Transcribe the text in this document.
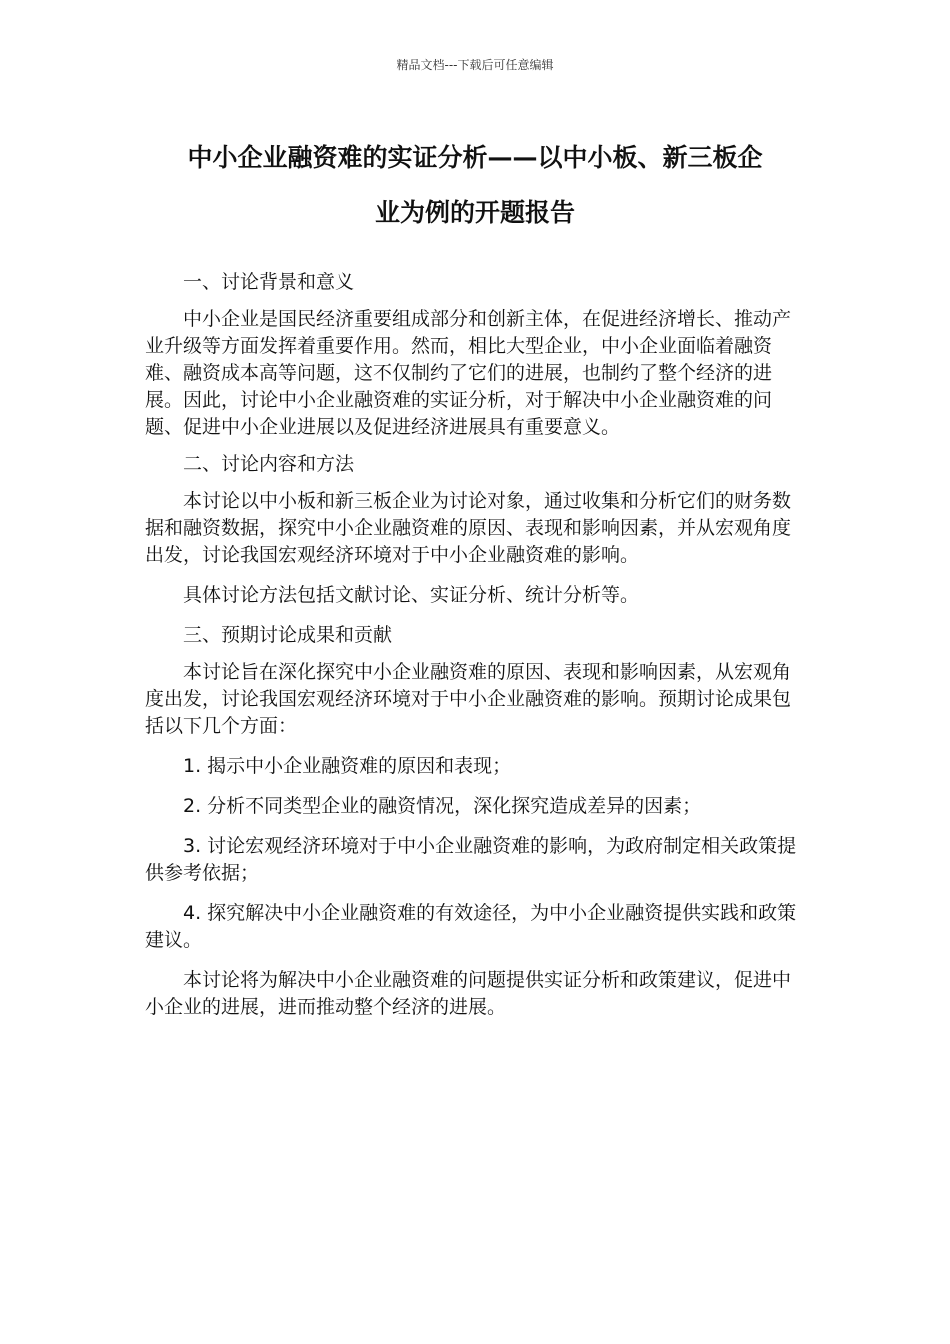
精品文档---下载后可任意编辑
中小企业融资难的实证分析——以中小板、新三板企
业为例的开题报告

一、讨论背景和意义

中小企业是国民经济重要组成部分和创新主体，在促进经济增长、推动产业升级等方面发挥着重要作用。然而，相比大型企业，中小企业面临着融资难、融资成本高等问题，这不仅制约了它们的进展，也制约了整个经济的进展。因此，讨论中小企业融资难的实证分析，对于解决中小企业融资难的问题、促进中小企业进展以及促进经济进展具有重要意义。

二、讨论内容和方法

本讨论以中小板和新三板企业为讨论对象，通过收集和分析它们的财务数据和融资数据，探究中小企业融资难的原因、表现和影响因素，并从宏观角度出发，讨论我国宏观经济环境对于中小企业融资难的影响。

具体讨论方法包括文献讨论、实证分析、统计分析等。

三、预期讨论成果和贡献

本讨论旨在深化探究中小企业融资难的原因、表现和影响因素，从宏观角度出发，讨论我国宏观经济环境对于中小企业融资难的影响。预期讨论成果包括以下几个方面：

1. 揭示中小企业融资难的原因和表现；

2. 分析不同类型企业的融资情况，深化探究造成差异的因素；

3. 讨论宏观经济环境对于中小企业融资难的影响，为政府制定相关政策提供参考依据；

4. 探究解决中小企业融资难的有效途径，为中小企业融资提供实践和政策建议。

本讨论将为解决中小企业融资难的问题提供实证分析和政策建议，促进中小企业的进展，进而推动整个经济的进展。
